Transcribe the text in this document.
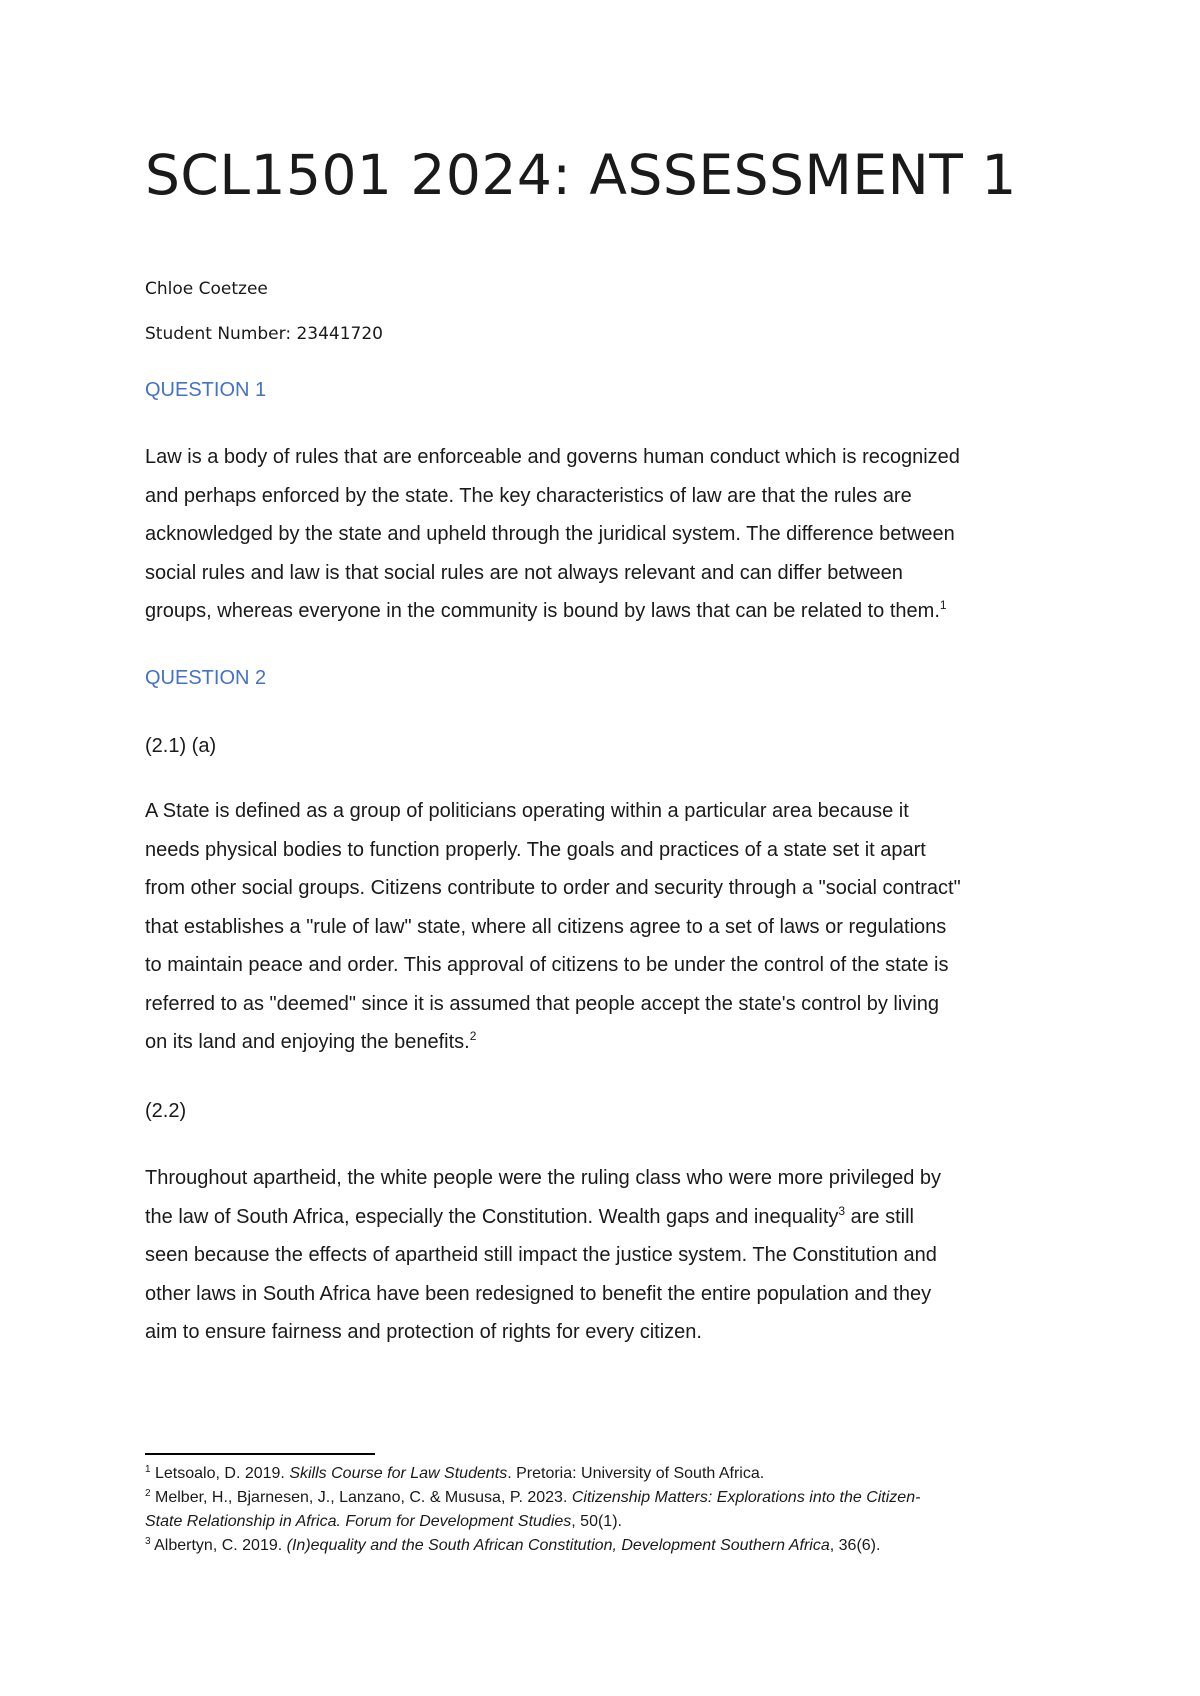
SCL1501 2024: ASSESSMENT 1

Chloe Coetzee

Student Number: 23441720

QUESTION 1

Law is a body of rules that are enforceable and governs human conduct which is recognized
and perhaps enforced by the state. The key characteristics of law are that the rules are
acknowledged by the state and upheld through the juridical system. The difference between
social rules and law is that social rules are not always relevant and can differ between
groups, whereas everyone in the community is bound by laws that can be related to them.$^1$

QUESTION 2

(2.1) (a)

A State is defined as a group of politicians operating within a particular area because it
needs physical bodies to function properly. The goals and practices of a state set it apart
from other social groups. Citizens contribute to order and security through a "social contract"
that establishes a "rule of law" state, where all citizens agree to a set of laws or regulations
to maintain peace and order. This approval of citizens to be under the control of the state is
referred to as "deemed" since it is assumed that people accept the state's control by living
on its land and enjoying the benefits.$^2$

(2.2)

Throughout apartheid, the white people were the ruling class who were more privileged by
the law of South Africa, especially the Constitution. Wealth gaps and inequality$^3$ are still
seen because the effects of apartheid still impact the justice system. The Constitution and
other laws in South Africa have been redesigned to benefit the entire population and they
aim to ensure fairness and protection of rights for every citizen.
$^1$ Letsoalo, D. 2019. Skills Course for Law Students. Pretoria: University of South Africa.
$^2$ Melber, H., Bjarnesen, J., Lanzano, C. & Mususa, P. 2023. Citizenship Matters: Explorations into the Citizen-
State Relationship in Africa. Forum for Development Studies, 50(1).
$^3$ Albertyn, C. 2019. (In)equality and the South African Constitution, Development Southern Africa, 36(6).
